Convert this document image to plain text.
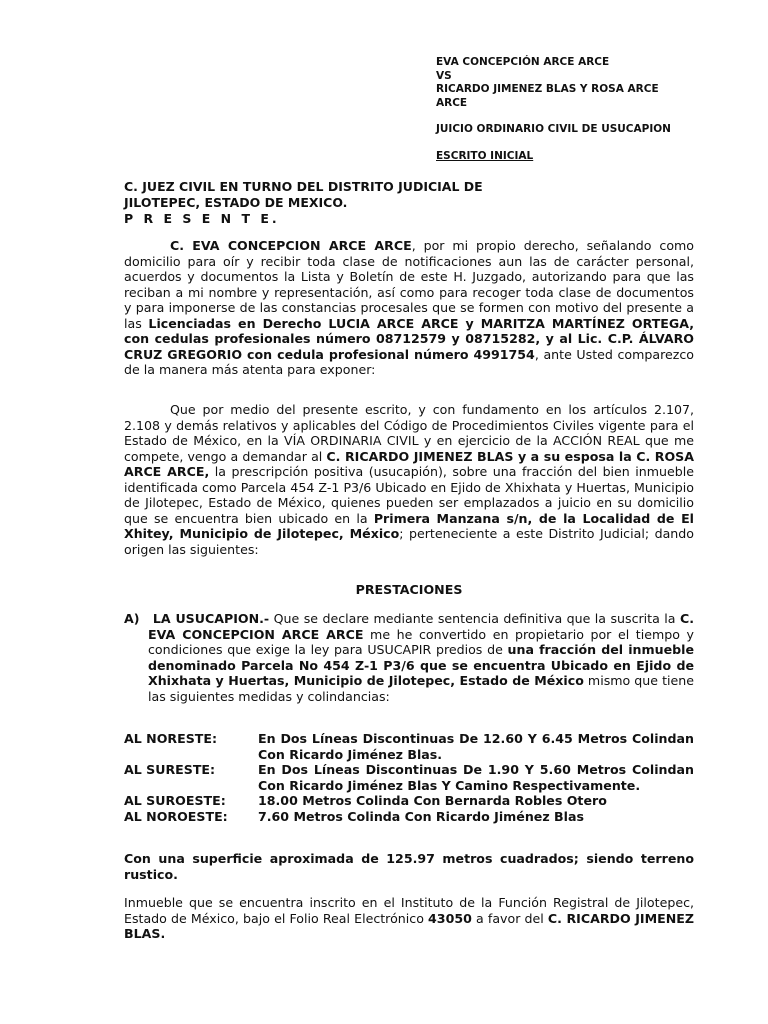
EVA CONCEPCIÓN ARCE ARCE
VS
RICARDO JIMENEZ BLAS Y ROSA ARCE
ARCE
JUICIO ORDINARIO CIVIL DE USUCAPION
ESCRITO INICIAL
C. JUEZ CIVIL EN TURNO DEL DISTRITO JUDICIAL DE
JILOTEPEC, ESTADO DE MEXICO.
P R E S E N T E.
C. EVA CONCEPCION ARCE ARCE, por mi propio derecho, señalando como domicilio para oír y recibir toda clase de notificaciones aun las de carácter personal, acuerdos y documentos la Lista y Boletín de este H. Juzgado, autorizando para que las reciban a mi nombre y representación, así como para recoger toda clase de documentos y para imponerse de las constancias procesales que se formen con motivo del presente a las Licenciadas en Derecho LUCIA ARCE ARCE y MARITZA MARTÍNEZ ORTEGA, con cedulas profesionales número 08712579 y 08715282, y al Lic. C.P. ÁLVARO CRUZ GREGORIO con cedula profesional número 4991754, ante Usted comparezco de la manera más atenta para exponer:
Que por medio del presente escrito, y con fundamento en los artículos 2.107, 2.108 y demás relativos y aplicables del Código de Procedimientos Civiles vigente para el Estado de México, en la VÍA ORDINARIA CIVIL y en ejercicio de la ACCIÓN REAL que me compete, vengo a demandar al C. RICARDO JIMENEZ BLAS y a su esposa la C. ROSA ARCE ARCE, la prescripción positiva (usucapión), sobre una fracción del bien inmueble identificada como Parcela 454 Z-1 P3/6 Ubicado en Ejido de Xhixhata y Huertas, Municipio de Jilotepec, Estado de México, quienes pueden ser emplazados a juicio en su domicilio que se encuentra bien ubicado en la Primera Manzana s/n, de la Localidad de El Xhitey, Municipio de Jilotepec, México; perteneciente a este Distrito Judicial; dando origen las siguientes:
PRESTACIONES
A)	LA USUCAPION.- Que se declare mediante sentencia definitiva que la suscrita la C. EVA CONCEPCION ARCE ARCE me he convertido en propietario por el tiempo y condiciones que exige la ley para USUCAPIR predios de una fracción del inmueble denominado Parcela No 454 Z-1 P3/6 que se encuentra Ubicado en Ejido de Xhixhata y Huertas, Municipio de Jilotepec, Estado de México mismo que tiene las siguientes medidas y colindancias:
AL NORESTE:	En Dos Líneas Discontinuas De 12.60 Y 6.45 Metros Colindan Con Ricardo Jiménez Blas.
AL SURESTE:	En Dos Líneas Discontinuas De 1.90 Y 5.60 Metros Colindan Con Ricardo Jiménez Blas Y Camino Respectivamente.
AL SUROESTE:	18.00 Metros Colinda Con Bernarda Robles Otero
AL NOROESTE:	7.60 Metros Colinda Con Ricardo Jiménez Blas
Con una superficie aproximada de 125.97 metros cuadrados; siendo terreno rustico.
Inmueble que se encuentra inscrito en el Instituto de la Función Registral de Jilotepec, Estado de México, bajo el Folio Real Electrónico 43050 a favor del C. RICARDO JIMENEZ BLAS.
